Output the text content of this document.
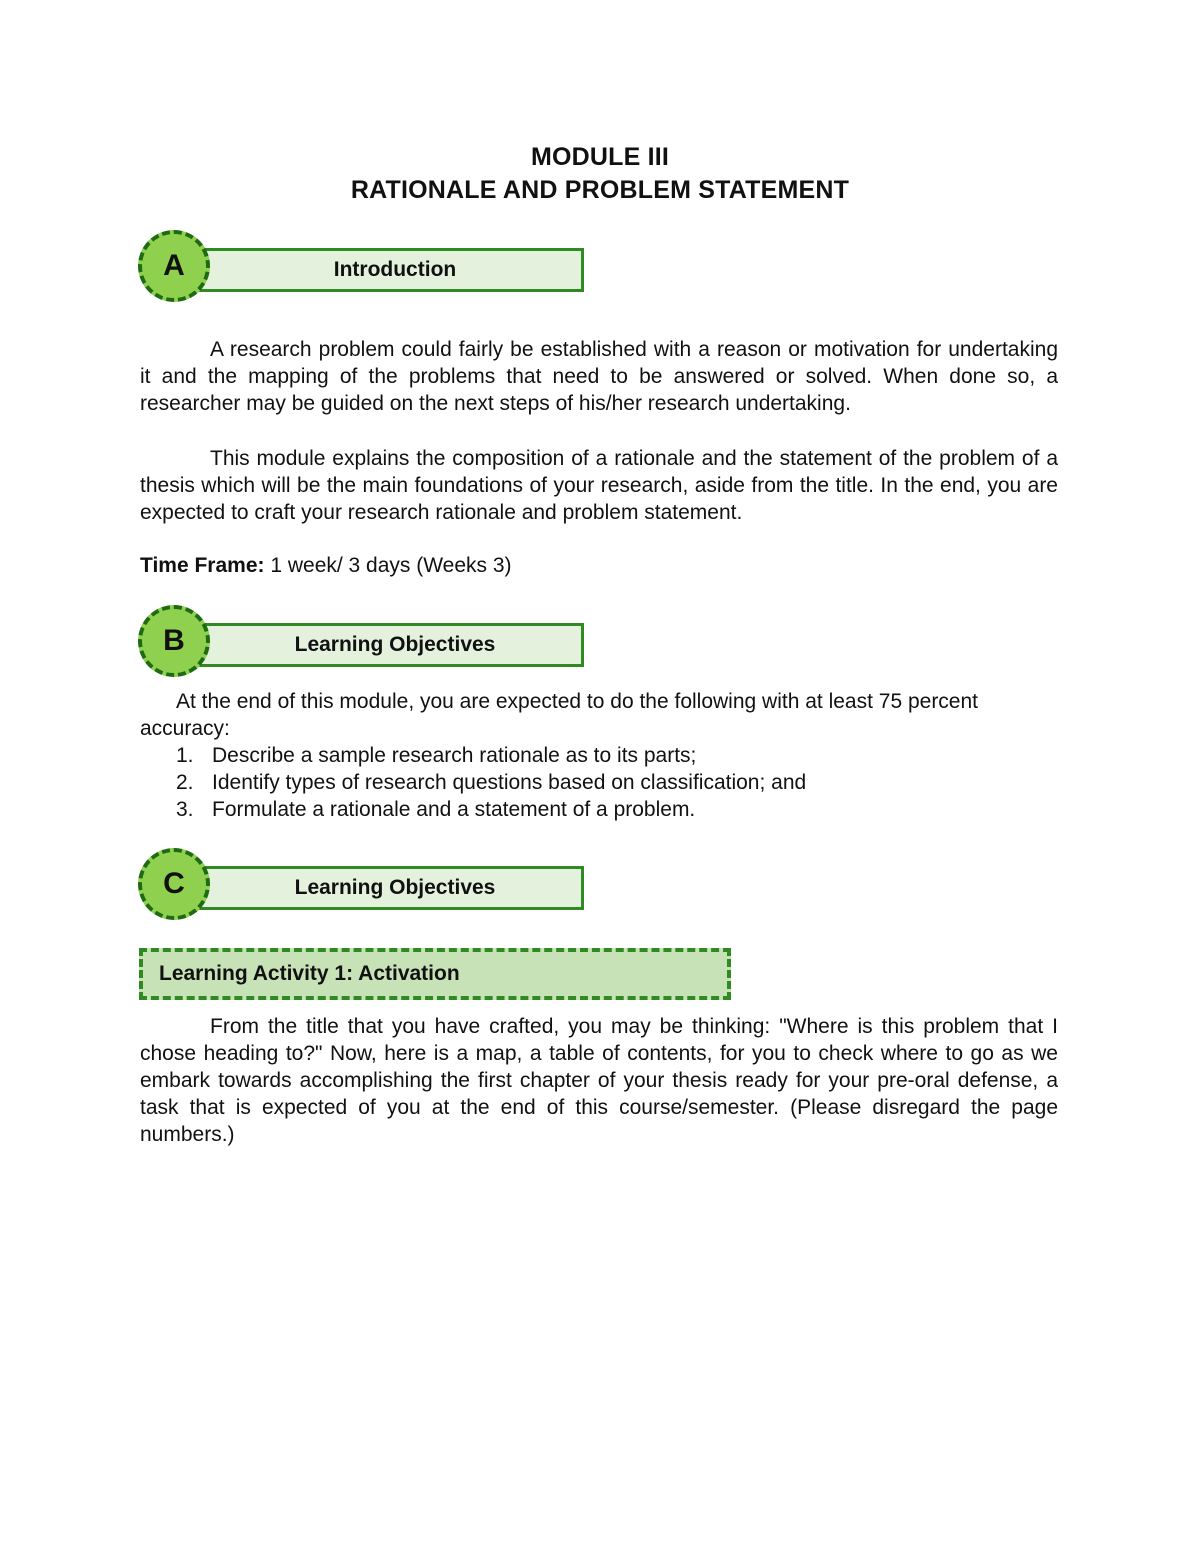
MODULE III
RATIONALE AND PROBLEM STATEMENT
Introduction
A

A research problem could fairly be established with a reason or motivation for undertaking it and the mapping of the problems that need to be answered or solved. When done so, a researcher may be guided on the next steps of his/her research undertaking.

This module explains the composition of a rationale and the statement of the problem of a thesis which will be the main foundations of your research, aside from the title. In the end, you are expected to craft your research rationale and problem statement.

Time Frame: 1 week/ 3 days (Weeks 3)
Learning Objectives
B

At the end of this module, you are expected to do the following with at least 75 percent accuracy:

1. Describe a sample research rationale as to its parts;
2. Identify types of research questions based on classification; and
3. Formulate a rationale and a statement of a problem.
Learning Objectives
C
Learning Activity 1: Activation

From the title that you have crafted, you may be thinking: "Where is this problem that I chose heading to?" Now, here is a map, a table of contents, for you to check where to go as we embark towards accomplishing the first chapter of your thesis ready for your pre-oral defense, a task that is expected of you at the end of this course/semester. (Please disregard the page numbers.)
